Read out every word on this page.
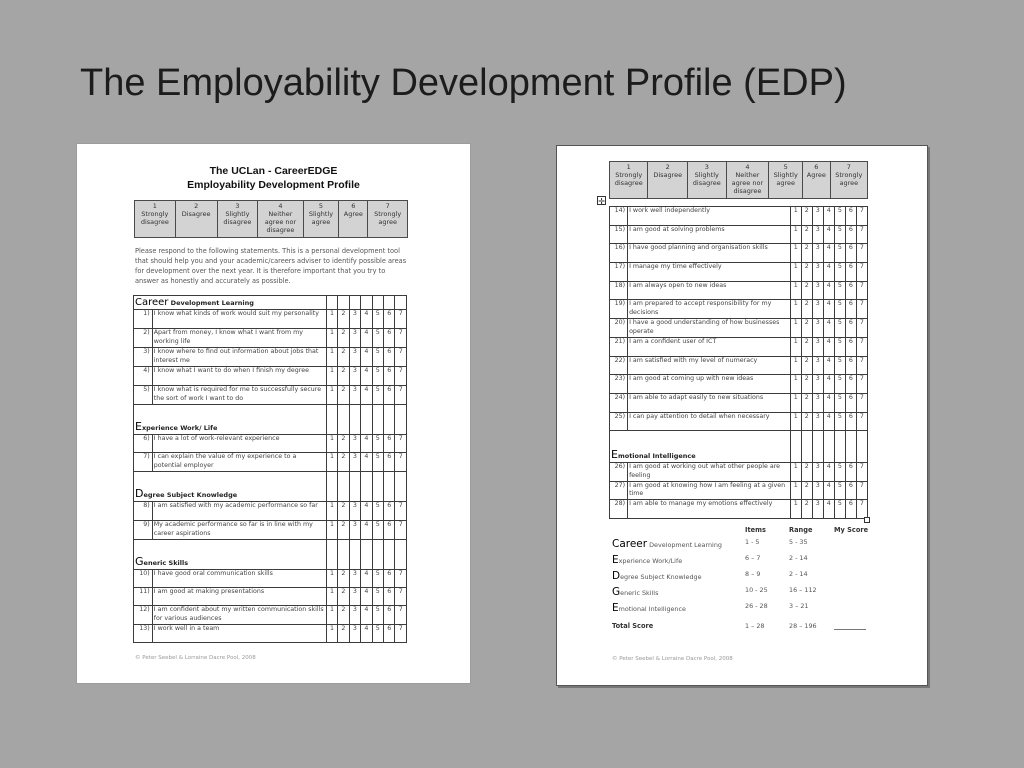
The Employability Development Profile (EDP)
The UCLan - CareerEDGE
Employability Development Profile
1
Strongly
disagree

2
Disagree

3
Slightly
disagree

4
Neither
agree nor
disagree

5
Slightly
agree

6
Agree

7
Strongly
agree
Please respond to the following statements. This is a personal development tool that should help you and your academic/careers adviser to identify possible areas for development over the next year. It is therefore important that you try to answer as honestly and accurately as possible.
Career Development Learning								
1)	I know what kinds of work would suit my personality	1	2	3	4	5	6	7
2)	Apart from money, I know what I want from my working life	1	2	3	4	5	6	7
3)	I know where to find out information about jobs that interest me	1	2	3	4	5	6	7
4)	I know what I want to do when I finish my degree	1	2	3	4	5	6	7
5)	I know what is required for me to successfully secure the sort of work I want to do	1	2	3	4	5	6	7
Experience Work/ Life								
6)	I have a lot of work-relevant experience	1	2	3	4	5	6	7
7)	I can explain the value of my experience to a potential employer	1	2	3	4	5	6	7
Degree Subject Knowledge								
8)	I am satisfied with my academic performance so far	1	2	3	4	5	6	7
9)	My academic performance so far is in line with my career aspirations	1	2	3	4	5	6	7
Generic Skills								
10)	I have good oral communication skills	1	2	3	4	5	6	7
11)	I am good at making presentations	1	2	3	4	5	6	7
12)	I am confident about my written communication skills for various audiences	1	2	3	4	5	6	7
13)	I work well in a team	1	2	3	4	5	6	7
© Peter Seebel & Lorraine Dacre Pool, 2008
1
Strongly
disagree

2
Disagree

3
Slightly
disagree

4
Neither
agree nor
disagree

5
Slightly
agree

6
Agree

7
Strongly
agree
✛
14)	I work well independently	1	2	3	4	5	6	7
15)	I am good at solving problems	1	2	3	4	5	6	7
16)	I have good planning and organisation skills	1	2	3	4	5	6	7
17)	I manage my time effectively	1	2	3	4	5	6	7
18)	I am always open to new ideas	1	2	3	4	5	6	7
19)	I am prepared to accept responsibility for my decisions	1	2	3	4	5	6	7
20)	I have a good understanding of how businesses operate	1	2	3	4	5	6	7
21)	I am a confident user of ICT	1	2	3	4	5	6	7
22)	I am satisfied with my level of numeracy	1	2	3	4	5	6	7
23)	I am good at coming up with new ideas	1	2	3	4	5	6	7
24)	I am able to adapt easily to new situations	1	2	3	4	5	6	7
25)	I can pay attention to detail when necessary	1	2	3	4	5	6	7
Emotional Intelligence								
26)	I am good at working out what other people are feeling	1	2	3	4	5	6	7
27)	I am good at knowing how I am feeling at a given time	1	2	3	4	5	6	7
28)	I am able to manage my emotions effectively	1	2	3	4	5	6	7
Items	Range	My Score
Career Development Learning	1 - 5	5 - 35
Experience Work/Life	6 – 7	2 - 14
Degree Subject Knowledge	8 – 9	2 - 14
Generic Skills	10 - 25	16 – 112
Emotional Intelligence	26 - 28	3 – 21
Total Score	1 – 28	28 – 196
© Peter Seebel & Lorraine Dacre Pool, 2008
